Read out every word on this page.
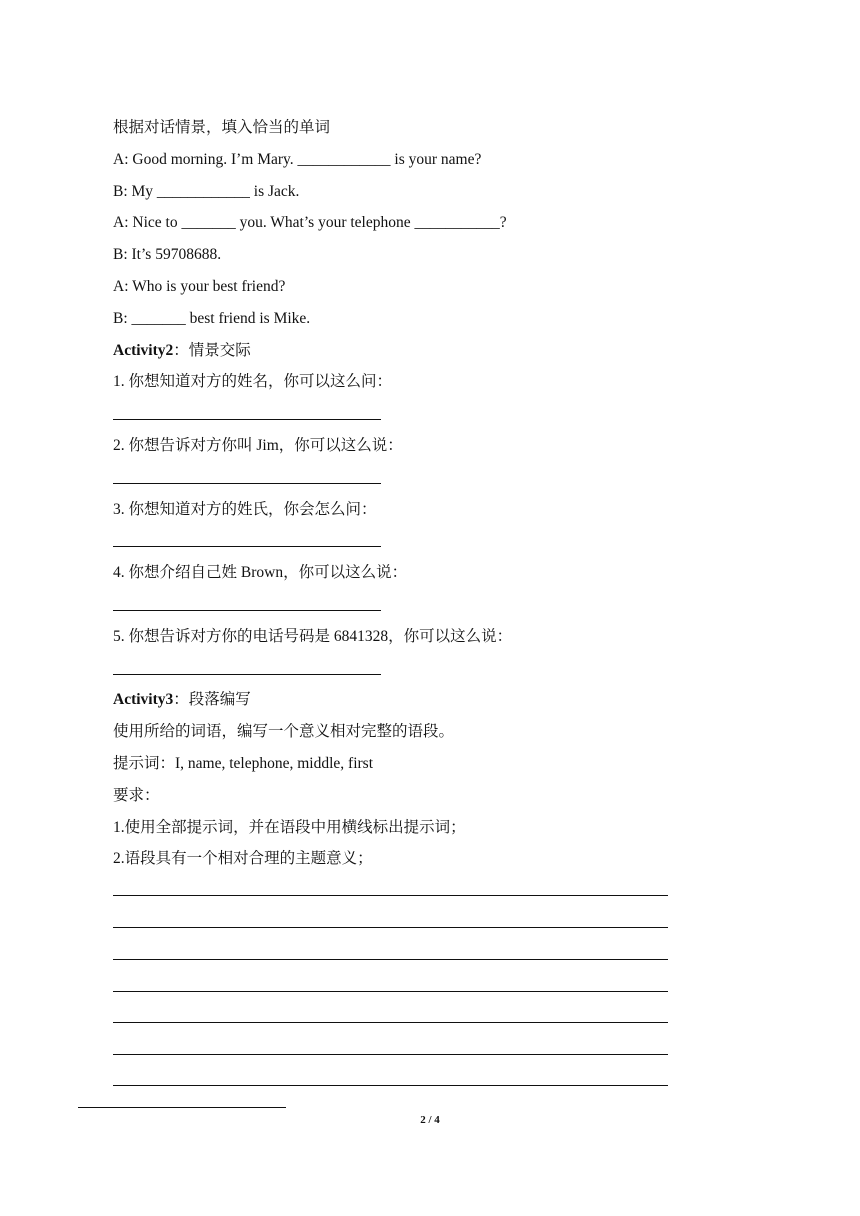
根据对话情景，填入恰当的单词
A: Good morning. I’m Mary. ____________ is your name?
B: My ____________ is Jack.
A: Nice to _______ you. What’s your telephone ___________?
B: It’s 59708688.
A: Who is your best friend?
B: _______ best friend is Mike.
Activity2：情景交际
1. 你想知道对方的姓名，你可以这么问：
2. 你想告诉对方你叫 Jim，你可以这么说：
3. 你想知道对方的姓氏，你会怎么问：
4. 你想介绍自己姓 Brown，你可以这么说：
5. 你想告诉对方你的电话号码是 6841328，你可以这么说：
Activity3：段落编写
使用所给的词语，编写一个意义相对完整的语段。
提示词：I, name, telephone, middle, first
要求：
1.使用全部提示词，并在语段中用横线标出提示词；
2.语段具有一个相对合理的主题意义；
2 / 4
